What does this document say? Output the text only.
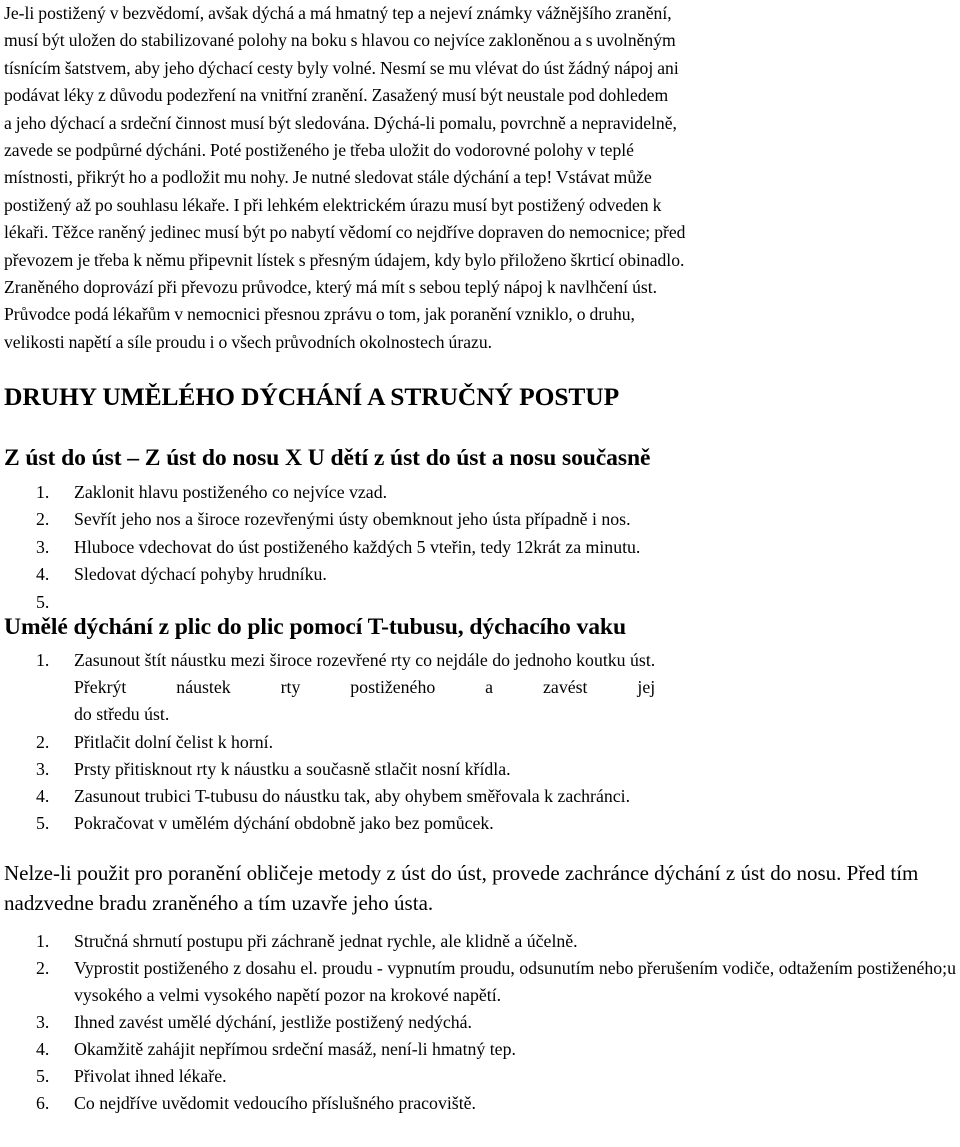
Je-li postižený v bezvědomí, avšak dýchá a má hmatný tep a nejeví známky vážnějšího zranění,
musí být uložen do stabilizované polohy na boku s hlavou co nejvíce zakloněnou a s uvolněným
tísnícím šatstvem, aby jeho dýchací cesty byly volné. Nesmí se mu vlévat do úst žádný nápoj ani
podávat léky z důvodu podezření na vnitřní zranění. Zasažený musí být neustale pod dohledem
a jeho dýchací a srdeční činnost musí být sledována. Dýchá-li pomalu, povrchně a nepravidelně,
zavede se podpůrné dýcháni. Poté postiženého je třeba uložit do vodorovné polohy v teplé
místnosti, přikrýt ho a podložit mu nohy. Je nutné sledovat stále dýchání a tep! Vstávat může
postižený až po souhlasu lékaře. I při lehkém elektrickém úrazu musí byt postižený odveden k
lékaři. Těžce raněný jedinec musí být po nabytí vědomí co nejdříve dopraven do nemocnice; před
převozem je třeba k němu připevnit lístek s přesným údajem, kdy bylo přiloženo škrticí obinadlo.
Zraněného doprovází při převozu průvodce, který má mít s sebou teplý nápoj k navlhčení úst.
Průvodce podá lékařům v nemocnici přesnou zprávu o tom, jak poranění vzniklo, o druhu,
velikosti napětí a síle proudu i o všech průvodních okolnostech úrazu.
DRUHY UMĚLÉHO DÝCHÁNÍ A STRUČNÝ POSTUP
Z úst do úst – Z úst do nosu X U dětí z úst do úst a nosu současně
1. Zaklonit hlavu postiženého co nejvíce vzad.
2. Sevřít jeho nos a široce rozevřenými ústy obemknout jeho ústa případně i nos.
3. Hluboce vdechovat do úst postiženého každých 5 vteřin, tedy 12krát za minutu.
4. Sledovat dýchací pohyby hrudníku.
5.
Umělé dýchání z plic do plic pomocí T-tubusu, dýchacího vaku
1. Zasunout štít náustku mezi široce rozevřené rty co nejdále do jednoho koutku úst.
Překrýt náustek rty postiženého a zavést jej
do středu úst.
2. Přitlačit dolní čelist k horní.
3. Prsty přitisknout rty k náustku a současně stlačit nosní křídla.
4. Zasunout trubici T-tubusu do náustku tak, aby ohybem směřovala k zachránci.
5. Pokračovat v umělém dýchání obdobně jako bez pomůcek.

Nelze-li použit pro poranění obličeje metody z úst do úst, provede zachránce dýchání z úst do nosu. Před tím nadzvedne bradu zraněného a tím uzavře jeho ústa.

1. Stručná shrnutí postupu při záchraně jednat rychle, ale klidně a účelně.
2. Vyprostit postiženého z dosahu el. proudu - vypnutím proudu, odsunutím nebo přerušením vodiče, odtažením postiženého;u vysokého a velmi vysokého napětí pozor na krokové napětí.
3. Ihned zavést umělé dýchání, jestliže postižený nedýchá.
4. Okamžitě zahájit nepřímou srdeční masáž, není-li hmatný tep.
5. Přivolat ihned lékaře.
6. Co nejdříve uvědomit vedoucího příslušného pracoviště.
